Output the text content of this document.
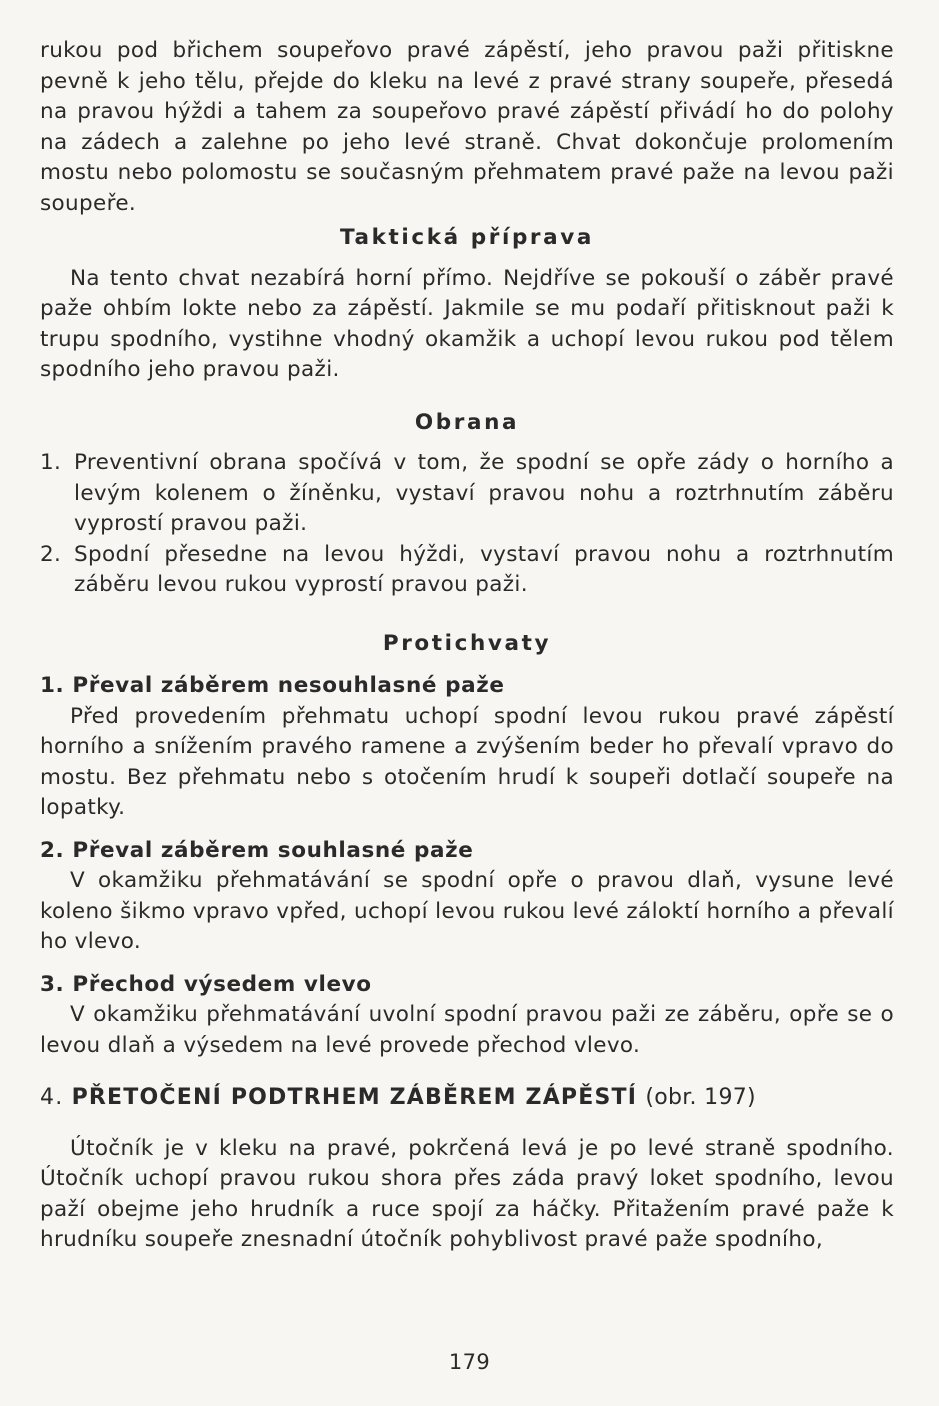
rukou pod břichem soupeřovo pravé zápěstí, jeho pravou paži přitiskne pevně k jeho tělu, přejde do kleku na levé z pravé strany soupeře, přesedá na pravou hýždi a tahem za soupeřovo pravé zápěstí přivádí ho do polohy na zádech a zalehne po jeho levé straně. Chvat dokončuje prolomením mostu nebo polomostu se současným přehmatem pravé paže na levou paži soupeře.

Taktická příprava

Na tento chvat nezabírá horní přímo. Nejdříve se pokouší o záběr pravé paže ohbím lokte nebo za zápěstí. Jakmile se mu podaří přitisknout paži k trupu spodního, vystihne vhodný okamžik a uchopí levou rukou pod tělem spodního jeho pravou paži.

Obrana
1. Preventivní obrana spočívá v tom, že spodní se opře zády o horního a levým kolenem o žíněnku, vystaví pravou nohu a roztrhnutím záběru vyprostí pravou paži.
2. Spodní přesedne na levou hýždi, vystaví pravou nohu a roztrhnutím záběru levou rukou vyprostí pravou paži.
Protichvaty
1. Převal záběrem nesouhlasné paže

Před provedením přehmatu uchopí spodní levou rukou pravé zápěstí horního a snížením pravého ramene a zvýšením beder ho převalí vpravo do mostu. Bez přehmatu nebo s otočením hrudí k soupeři dotlačí soupeře na lopatky.

2. Převal záběrem souhlasné paže

V okamžiku přehmatávání se spodní opře o pravou dlaň, vysune levé koleno šikmo vpravo vpřed, uchopí levou rukou levé záloktí horního a převalí ho vlevo.

3. Přechod výsedem vlevo

V okamžiku přehmatávání uvolní spodní pravou paži ze záběru, opře se o levou dlaň a výsedem na levé provede přechod vlevo.

4. PŘETOČENÍ PODTRHEM ZÁBĚREM ZÁPĚSTÍ (obr. 197)

Útočník je v kleku na pravé, pokrčená levá je po levé straně spodního. Útočník uchopí pravou rukou shora přes záda pravý loket spodního, levou paží obejme jeho hrudník a ruce spojí za háčky. Přitažením pravé paže k hrudníku soupeře znesnadní útočník pohyblivost pravé paže spodního,

179
